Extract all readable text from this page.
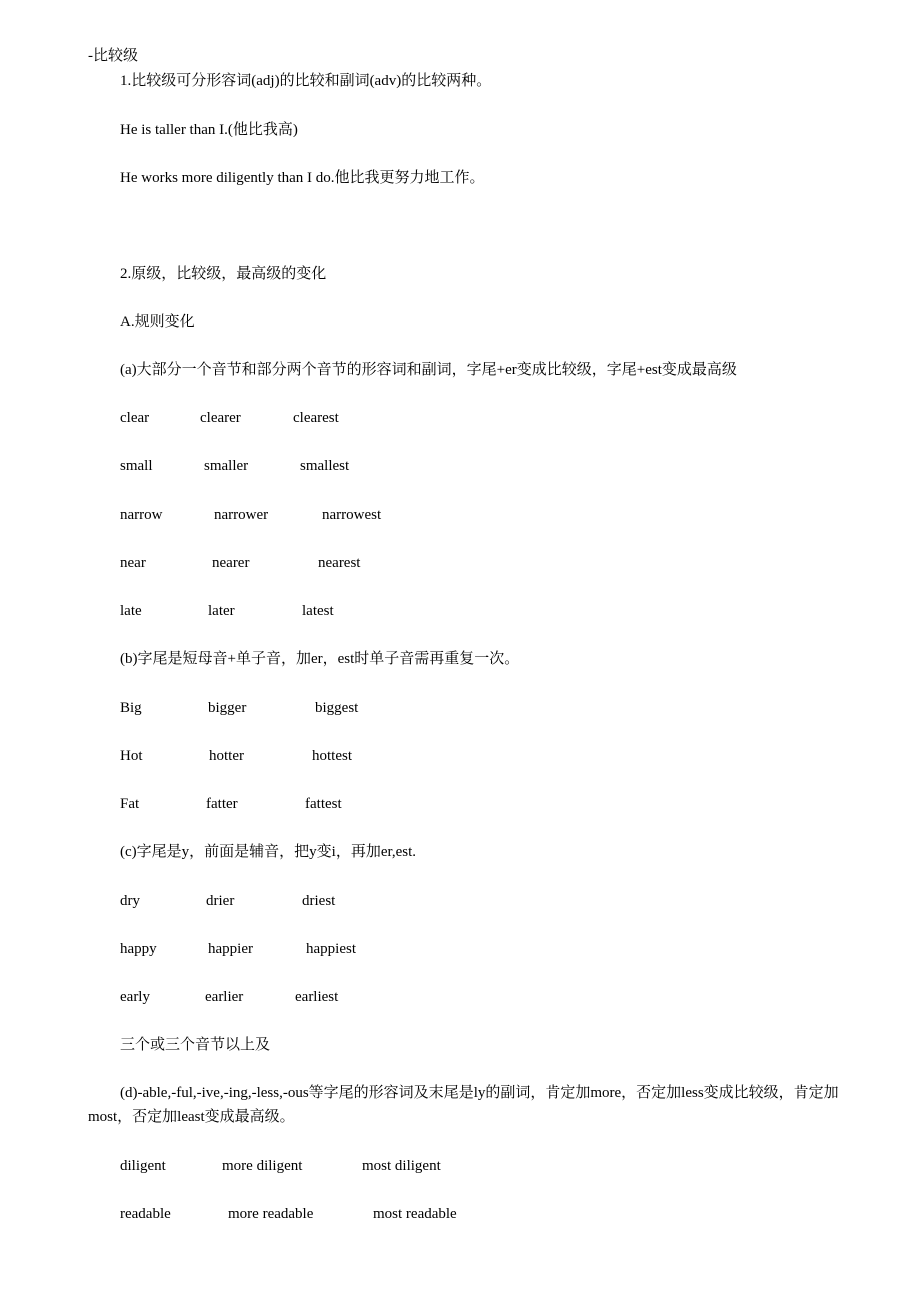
-比较级
1.比较级可分形容词(adj)的比较和副词(adv)的比较两种。
He is taller than I.(他比我高)
He works more diligently than I do.他比我更努力地工作。
2.原级，比较级，最高级的变化
A.规则变化
(a)大部分一个音节和部分两个音节的形容词和副词，字尾+er变成比较级，字尾+est变成最高级
clear	clearer	clearest
small	smaller	smallest
narrow	narrower	narrowest
near	nearer	nearest
late	later	latest
(b)字尾是短母音+单子音，加er，est时单子音需再重复一次。
Big	bigger	biggest
Hot	hotter	hottest
Fat	fatter	fattest
(c)字尾是y，前面是辅音，把y变i，再加er,est.
dry	drier	driest
happy	happier	happiest
early	earlier	earliest
三个或三个音节以上及
(d)-able,-ful,-ive,-ing,-less,-ous等字尾的形容词及末尾是ly的副词，肯定加more，否定加less变成比较级，肯定加most，否定加least变成最高级。
diligent	more diligent	most diligent
readable	more readable	most readable
